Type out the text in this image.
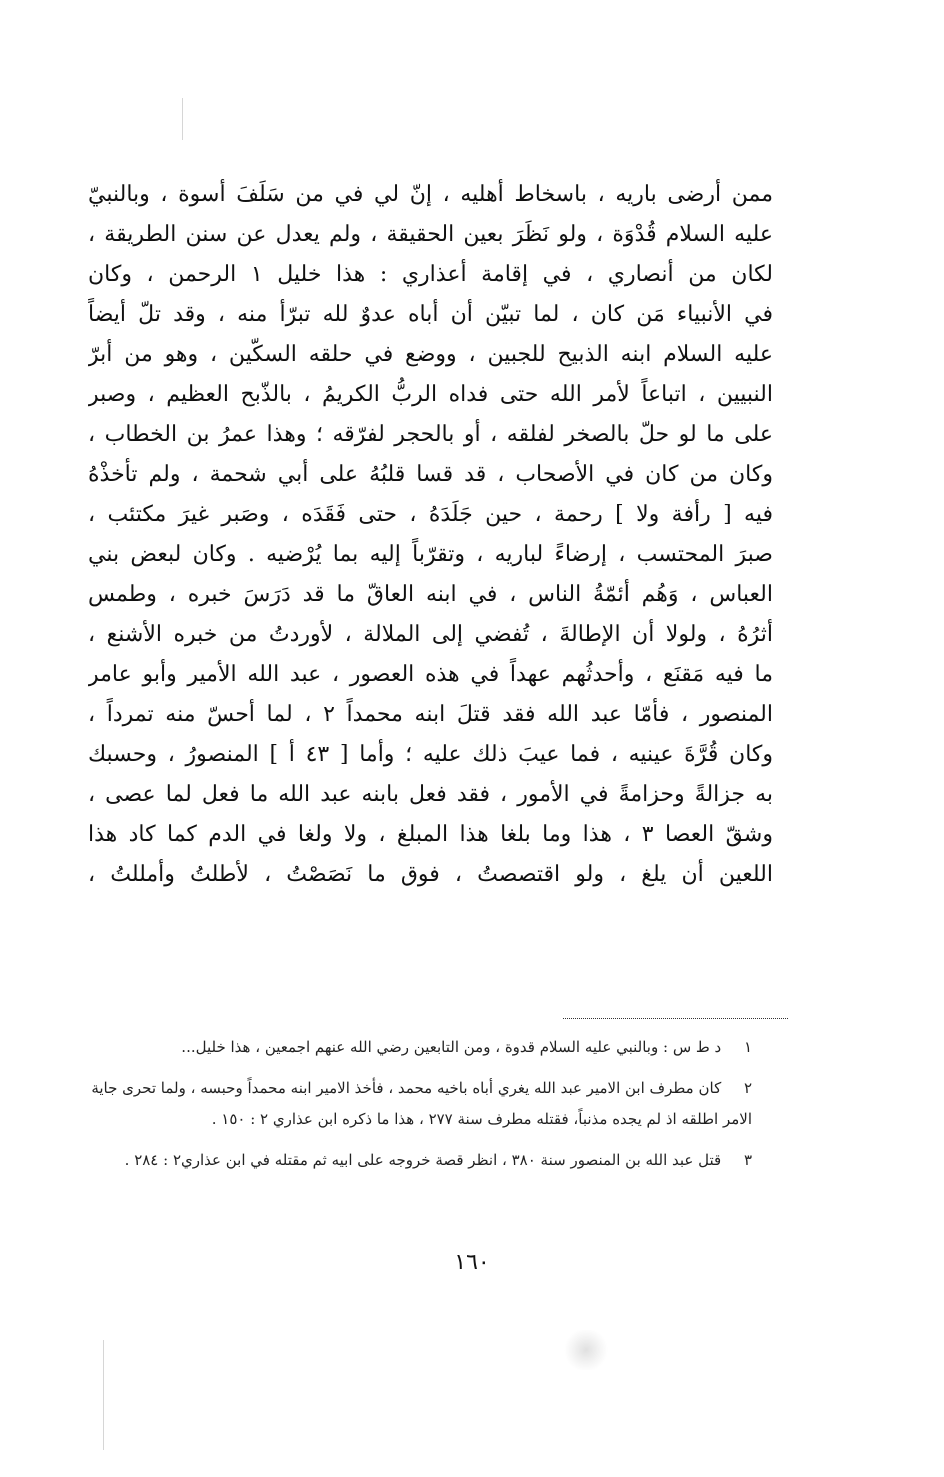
ممن أرضى باريه ، باسخاط أهليه ، إنّ لي في من سَلَفَ أسوة ، وبالنبيّ
عليه السلام قُدْوَة ، ولو نَظَرَ بعين الحقيقة ، ولم يعدل عن سنن الطريقة ،
لكان من أنصاري ، في إقامة أعذاري : هذا خليل ١ الرحمن ، وكان
في الأنبياء مَن كان ، لما تبيّن أن أباه عدوٌ لله تبرّأ منه ، وقد تلّ أيضاً
عليه السلام ابنه الذبيح للجبين ، ووضع في حلقه السكّين ، وهو من أبرّ
النبيين ، اتباعاً لأمر الله حتى فداه الربُّ الكريمُ ، بالذّبح العظيم ، وصبر
على ما لو حلّ بالصخر لفلقه ، أو بالحجر لفرّقه ؛ وهذا عمرُ بن الخطاب ،
وكان من كان في الأصحاب ، قد قسا قلبُهُ على أبي شحمة ، ولم تأخذْهُ
فيه [ رأفة ولا ] رحمة ، حين جَلَدَهُ ، حتى فَقَدَه ، وصَبر غيرَ مكتئب ،
صبرَ المحتسب ، إرضاءً لباريه ، وتقرّباً إليه بما يُرْضيه . وكان لبعض بني
العباس ، وَهُم أئمّةُ الناس ، في ابنه العاقّ ما قد دَرَسَ خبره ، وطمس
أثرُهُ ، ولولا أن الإطالةَ ، تُفضي إلى الملالة ، لأوردتُ من خبره الأشنع ،
ما فيه مَقنَع ، وأحدثُهم عهداً في هذه العصور ، عبد الله الأمير وأبو عامر
المنصور ، فأمّا عبد الله فقد قتلَ ابنه محمداً ٢ ، لما أحسّ منه تمرداً ،
وكان قُرَّةَ عينيه ، فما عيبَ ذلك عليه ؛ وأما [ ٤٣ أ ] المنصورُ ، وحسبك
به جزالةً وحزامةً في الأمور ، فقد فعل بابنه عبد الله ما فعل لما عصى ،
وشقّ العصا ٣ ، هذا وما بلغا هذا المبلغ ، ولا ولغا في الدم كما كاد هذا
اللعين أن يلغ ، ولو اقتصصتُ ، فوق ما نَصَصْتُ ، لأطلتُ وأمللتُ ،
١ د ط س : وبالنبي عليه السلام قدوة ، ومن التابعين رضي الله عنهم اجمعين ، هذا خليل...
٢ كان مطرف ابن الامير عبد الله يغري أباه باخيه محمد ، فأخذ الامير ابنه محمداً وحبسه ، ولما تحرى جاية الامر اطلقه اذ لم يجده مذنباً، فقتله مطرف سنة ٢٧٧ ، هذا ما ذكره ابن عذاري ٢ : ١٥٠ .
٣ قتل عبد الله بن المنصور سنة ٣٨٠ ، انظر قصة خروجه على ابيه ثم مقتله في ابن عذاري٢ : ٢٨٤ .
١٦٠
